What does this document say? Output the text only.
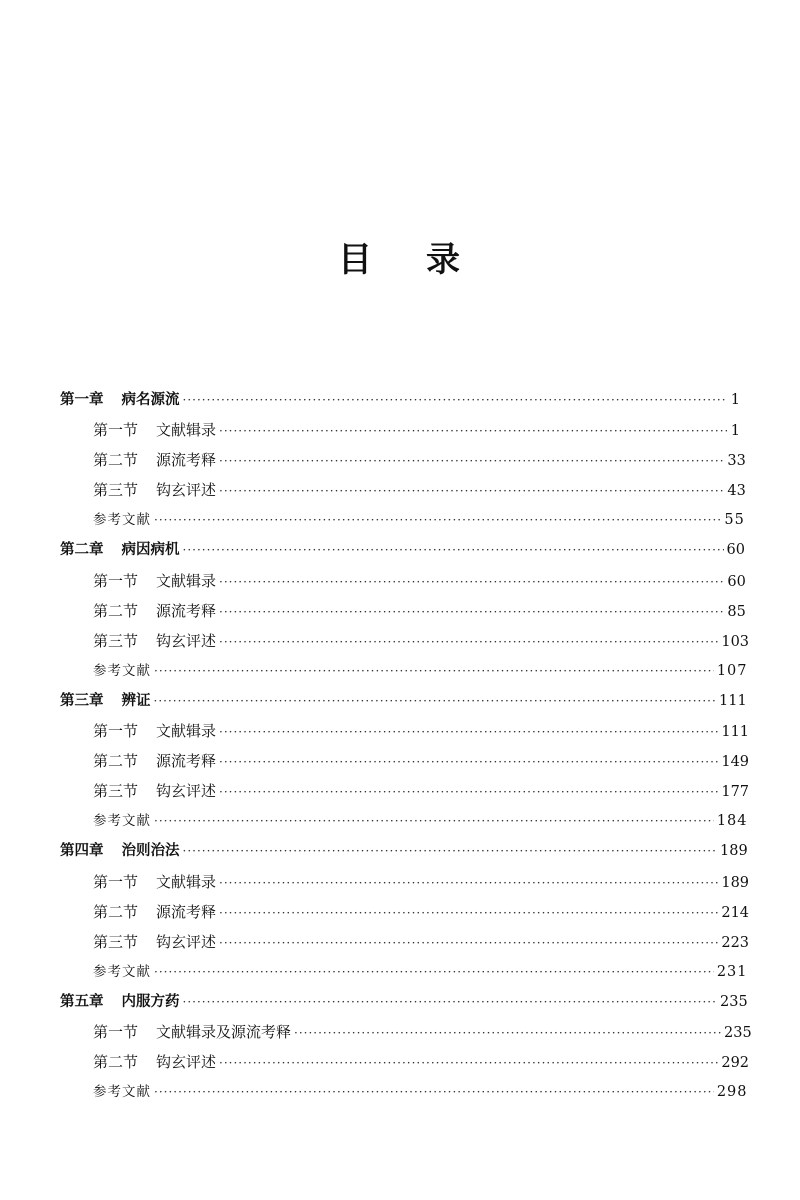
目 录
第一章 病名源流 ·····	1
第一节 文献辑录 ·····	1
第二节 源流考释 ·····	33
第三节 钩玄评述 ·····	43
参考文献 ·····	55
第二章 病因病机 ·····	60
第一节 文献辑录 ·····	60
第二节 源流考释 ·····	85
第三节 钩玄评述 ·····	103
参考文献 ·····	107
第三章 辨证 ·····	111
第一节 文献辑录 ·····	111
第二节 源流考释 ·····	149
第三节 钩玄评述 ·····	177
参考文献 ·····	184
第四章 治则治法 ·····	189
第一节 文献辑录 ·····	189
第二节 源流考释 ·····	214
第三节 钩玄评述 ·····	223
参考文献 ·····	231
第五章 内服方药 ·····	235
第一节 文献辑录及源流考释 ·····	235
第二节 钩玄评述 ·····	292
参考文献 ·····	298
